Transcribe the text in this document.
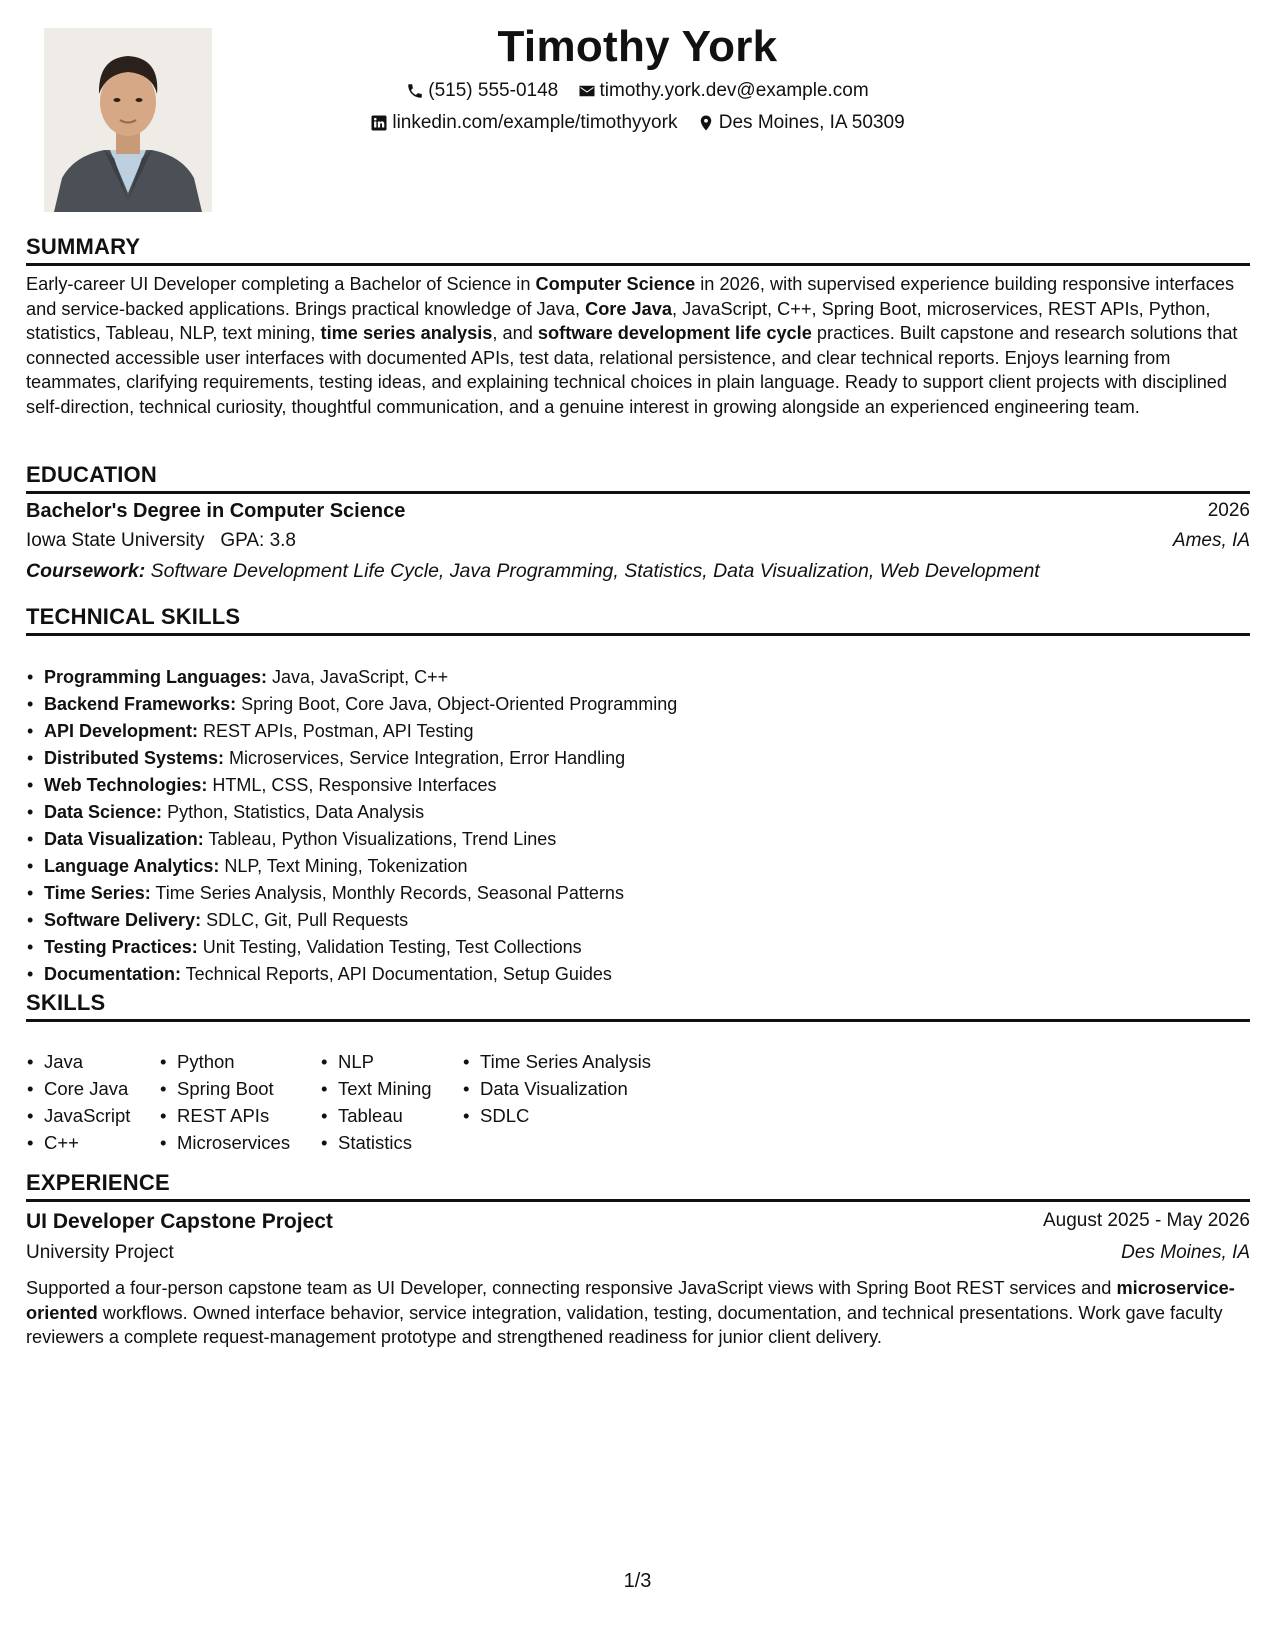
Timothy York
(515) 555-0148
timothy.york.dev@example.com
linkedin.com/example/timothyyork
Des Moines, IA 50309
SUMMARY
Early-career UI Developer completing a Bachelor of Science in Computer Science in 2026, with supervised experience building responsive interfaces and service-backed applications. Brings practical knowledge of Java, Core Java, JavaScript, C++, Spring Boot, microservices, REST APIs, Python, statistics, Tableau, NLP, text mining, time series analysis, and software development life cycle practices. Built capstone and research solutions that connected accessible user interfaces with documented APIs, test data, relational persistence, and clear technical reports. Enjoys learning from teammates, clarifying requirements, testing ideas, and explaining technical choices in plain language. Ready to support client projects with disciplined self-direction, technical curiosity, thoughtful communication, and a genuine interest in growing alongside an experienced engineering team.
EDUCATION
Bachelor's Degree in Computer Science	2026
Iowa State University GPA: 3.8	Ames, IA
Coursework: Software Development Life Cycle, Java Programming, Statistics, Data Visualization, Web Development
TECHNICAL SKILLS
• Programming Languages: Java, JavaScript, C++
• Backend Frameworks: Spring Boot, Core Java, Object-Oriented Programming
• API Development: REST APIs, Postman, API Testing
• Distributed Systems: Microservices, Service Integration, Error Handling
• Web Technologies: HTML, CSS, Responsive Interfaces
• Data Science: Python, Statistics, Data Analysis
• Data Visualization: Tableau, Python Visualizations, Trend Lines
• Language Analytics: NLP, Text Mining, Tokenization
• Time Series: Time Series Analysis, Monthly Records, Seasonal Patterns
• Software Delivery: SDLC, Git, Pull Requests
• Testing Practices: Unit Testing, Validation Testing, Test Collections
• Documentation: Technical Reports, API Documentation, Setup Guides
SKILLS
• Java
• Core Java
• JavaScript
• C++
• Python
• Spring Boot
• REST APIs
• Microservices
• NLP
• Text Mining
• Tableau
• Statistics
• Time Series Analysis
• Data Visualization
• SDLC
EXPERIENCE
UI Developer Capstone Project	August 2025 - May 2026
University Project	Des Moines, IA
Supported a four-person capstone team as UI Developer, connecting responsive JavaScript views with Spring Boot REST services and microservice-oriented workflows. Owned interface behavior, service integration, validation, testing, documentation, and technical presentations. Work gave faculty reviewers a complete request-management prototype and strengthened readiness for junior client delivery.
1/3
